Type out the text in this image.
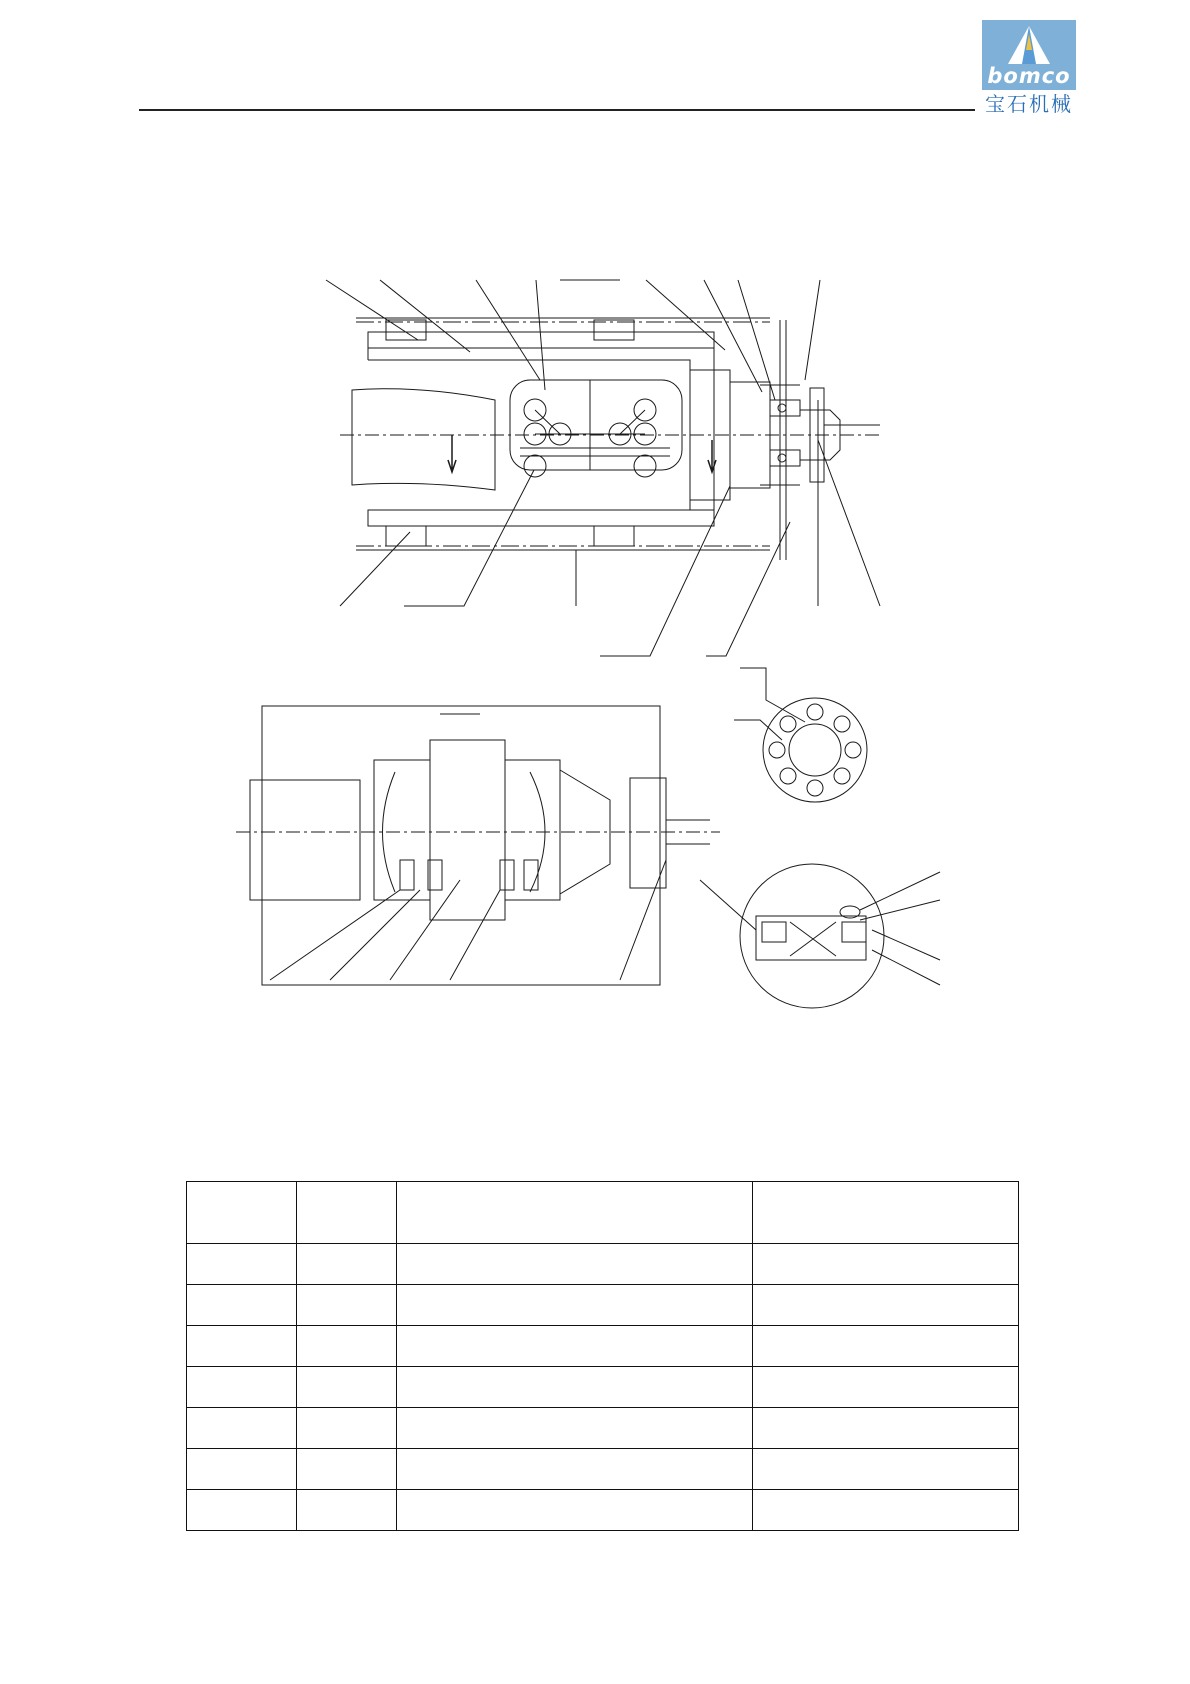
bomco
宝石机械
